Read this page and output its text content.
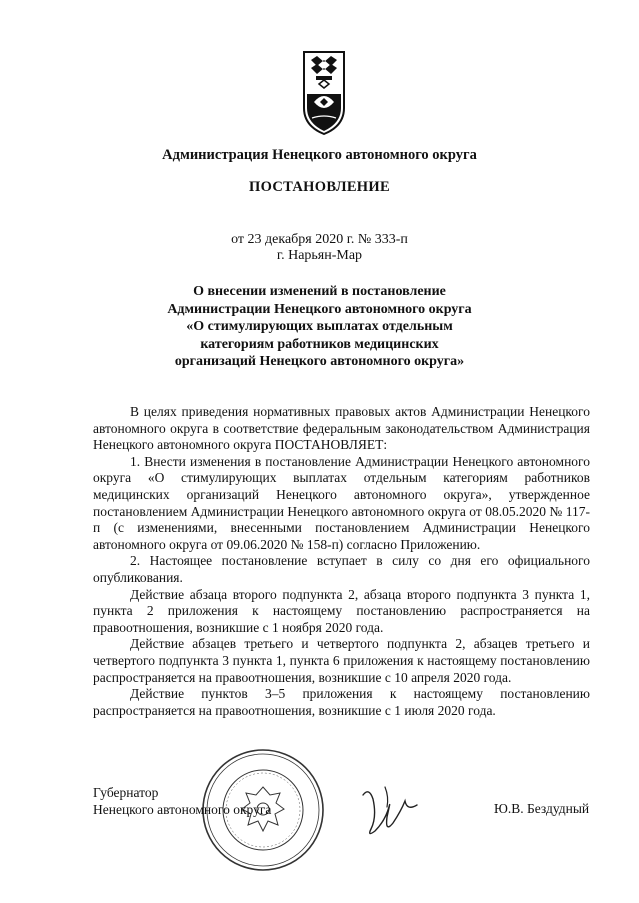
Администрация Ненецкого автономного округа
ПОСТАНОВЛЕНИЕ
от 23 декабря 2020 г. № 333-п
г. Нарьян-Мар
О внесении изменений в постановление
Администрации Ненецкого автономного округа
«О стимулирующих выплатах отдельным
категориям работников медицинских
организаций Ненецкого автономного округа»

В целях приведения нормативных правовых актов Администрации Ненецкого автономного округа в соответствие федеральным законодательством Администрация Ненецкого автономного округа ПОСТАНОВЛЯЕТ:

1. Внести изменения в постановление Администрации Ненецкого автономного округа «О стимулирующих выплатах отдельным категориям работников медицинских организаций Ненецкого автономного округа», утвержденное постановлением Администрации Ненецкого автономного округа от 08.05.2020 № 117-п (с изменениями, внесенными постановлением Администрации Ненецкого автономного округа от 09.06.2020 № 158-п) согласно Приложению.

2. Настоящее постановление вступает в силу со дня его официального опубликования.

Действие абзаца второго подпункта 2, абзаца второго подпункта 3 пункта 1, пункта 2 приложения к настоящему постановлению распространяется на правоотношения, возникшие с 1 ноября 2020 года.

Действие абзацев третьего и четвертого подпункта 2, абзацев третьего и четвертого подпункта 3 пункта 1, пункта 6 приложения к настоящему постановлению распространяется на правоотношения, возникшие с 10 апреля 2020 года.

Действие пунктов 3–5 приложения к настоящему постановлению распространяется на правоотношения, возникшие с 1 июля 2020 года.

Губернатор
Ненецкого автономного округа	Ю.В. Бездудный
